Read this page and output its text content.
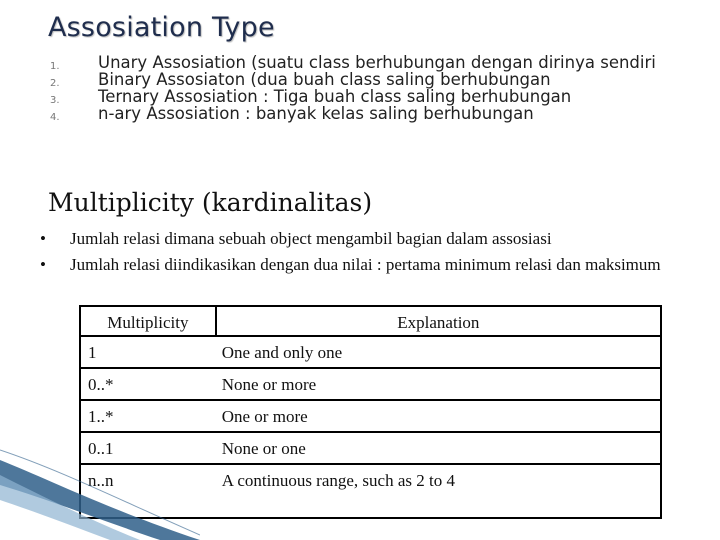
Assosiation Type
1. Unary Assosiation (suatu class berhubungan dengan dirinya sendiri
2. Binary Assosiaton (dua buah class saling berhubungan
3. Ternary Assosiation : Tiga buah class saling berhubungan
4. n-ary Assosiation : banyak kelas saling berhubungan
Multiplicity (kardinalitas)
• Jumlah relasi dimana sebuah object mengambil bagian dalam assosiasi
• Jumlah relasi diindikasikan dengan dua nilai : pertama minimum relasi dan maksimum
Multiplicity	Explanation
1	One and only one
0..*	None or more
1..*	One or more
0..1	None or one
n..n	A continuous range, such as 2 to 4
